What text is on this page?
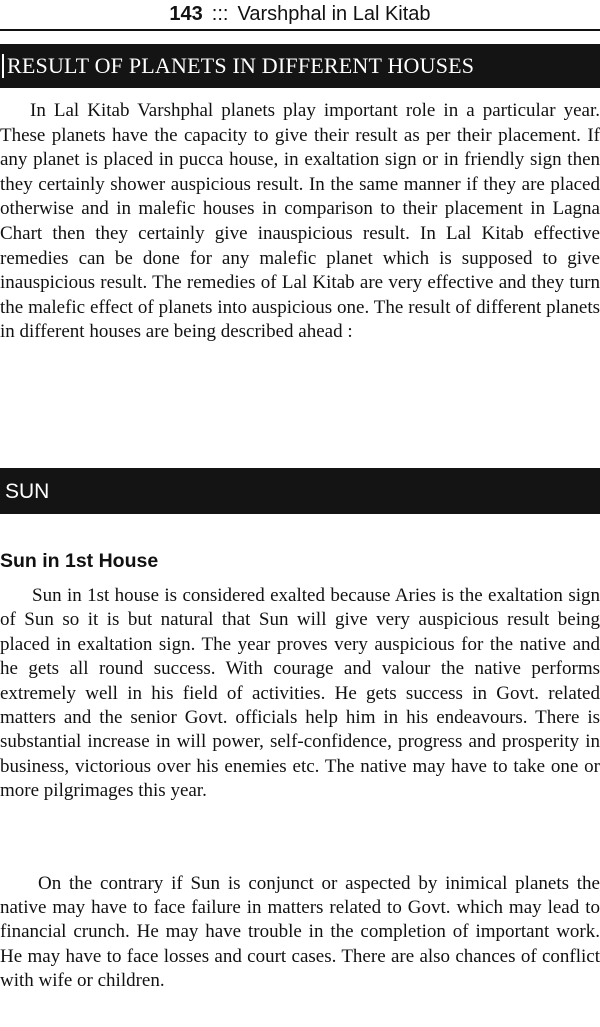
143 ::: Varshphal in Lal Kitab
RESULT OF PLANETS IN DIFFERENT HOUSES

In Lal Kitab Varshphal planets play important role in a particular year. These planets have the capacity to give their result as per their placement. If any planet is placed in pucca house, in exaltation sign or in friendly sign then they certainly shower auspicious result. In the same manner if they are placed otherwise and in malefic houses in comparison to their placement in Lagna Chart then they certainly give inauspicious result. In Lal Kitab effective remedies can be done for any malefic planet which is supposed to give inauspicious result. The remedies of Lal Kitab are very effective and they turn the malefic effect of planets into auspicious one. The result of different planets in different houses are being described ahead :

SUN
Sun in 1st House

Sun in 1st house is considered exalted because Aries is the exaltation sign of Sun so it is but natural that Sun will give very auspicious result being placed in exaltation sign. The year proves very auspicious for the native and he gets all round success. With courage and valour the native performs extremely well in his field of activities. He gets success in Govt. related matters and the senior Govt. officials help him in his endeavours. There is substantial increase in will power, self-confidence, progress and prosperity in business, victorious over his enemies etc. The native may have to take one or more pilgrimages this year.

On the contrary if Sun is conjunct or aspected by inimical planets the native may have to face failure in matters related to Govt. which may lead to financial crunch. He may have trouble in the completion of important work. He may have to face losses and court cases. There are also chances of conflict with wife or children.
